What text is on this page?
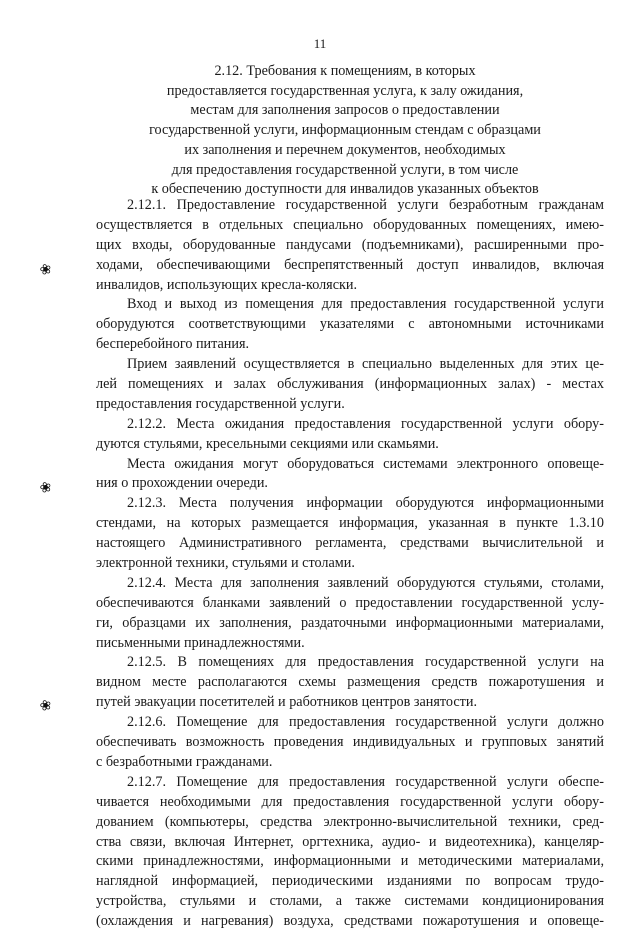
11
2.12. Требования к помещениям, в которых
предоставляется государственная услуга, к залу ожидания,
местам для заполнения запросов о предоставлении
государственной услуги, информационным стендам с образцами
их заполнения и перечнем документов, необходимых
для предоставления государственной услуги, в том числе
к обеспечению доступности для инвалидов указанных объектов
2.12.1. Предоставление государственной услуги безработным гражданам
осуществляется в отдельных специально оборудованных помещениях, имею-
щих входы, оборудованные пандусами (подъемниками), расширенными про-
ходами, обеспечивающими беспрепятственный доступ инвалидов, включая
инвалидов, использующих кресла-коляски.
Вход и выход из помещения для предоставления государственной услуги
оборудуются соответствующими указателями с автономными источниками
бесперебойного питания.
Прием заявлений осуществляется в специально выделенных для этих це-
лей помещениях и залах обслуживания (информационных залах) - местах
предоставления государственной услуги.
2.12.2. Места ожидания предоставления государственной услуги обору-
дуются стульями, кресельными секциями или скамьями.
Места ожидания могут оборудоваться системами электронного оповеще-
ния о прохождении очереди.
2.12.3. Места получения информации оборудуются информационными
стендами, на которых размещается информация, указанная в пункте 1.3.10
настоящего Административного регламента, средствами вычислительной и
электронной техники, стульями и столами.
2.12.4. Места для заполнения заявлений оборудуются стульями, столами,
обеспечиваются бланками заявлений о предоставлении государственной услу-
ги, образцами их заполнения, раздаточными информационными материалами,
письменными принадлежностями.
2.12.5. В помещениях для предоставления государственной услуги на
видном месте располагаются схемы размещения средств пожаротушения и
путей эвакуации посетителей и работников центров занятости.
2.12.6. Помещение для предоставления государственной услуги должно
обеспечивать возможность проведения индивидуальных и групповых занятий
с безработными гражданами.
2.12.7. Помещение для предоставления государственной услуги обеспе-
чивается необходимыми для предоставления государственной услуги обору-
дованием (компьютеры, средства электронно-вычислительной техники, сред-
ства связи, включая Интернет, оргтехника, аудио- и видеотехника), канцеляр-
скими принадлежностями, информационными и методическими материалами,
наглядной информацией, периодическими изданиями по вопросам трудо-
устройства, стульями и столами, а также системами кондиционирования
(охлаждения и нагревания) воздуха, средствами пожаротушения и оповеще-
❀
❀
❀
